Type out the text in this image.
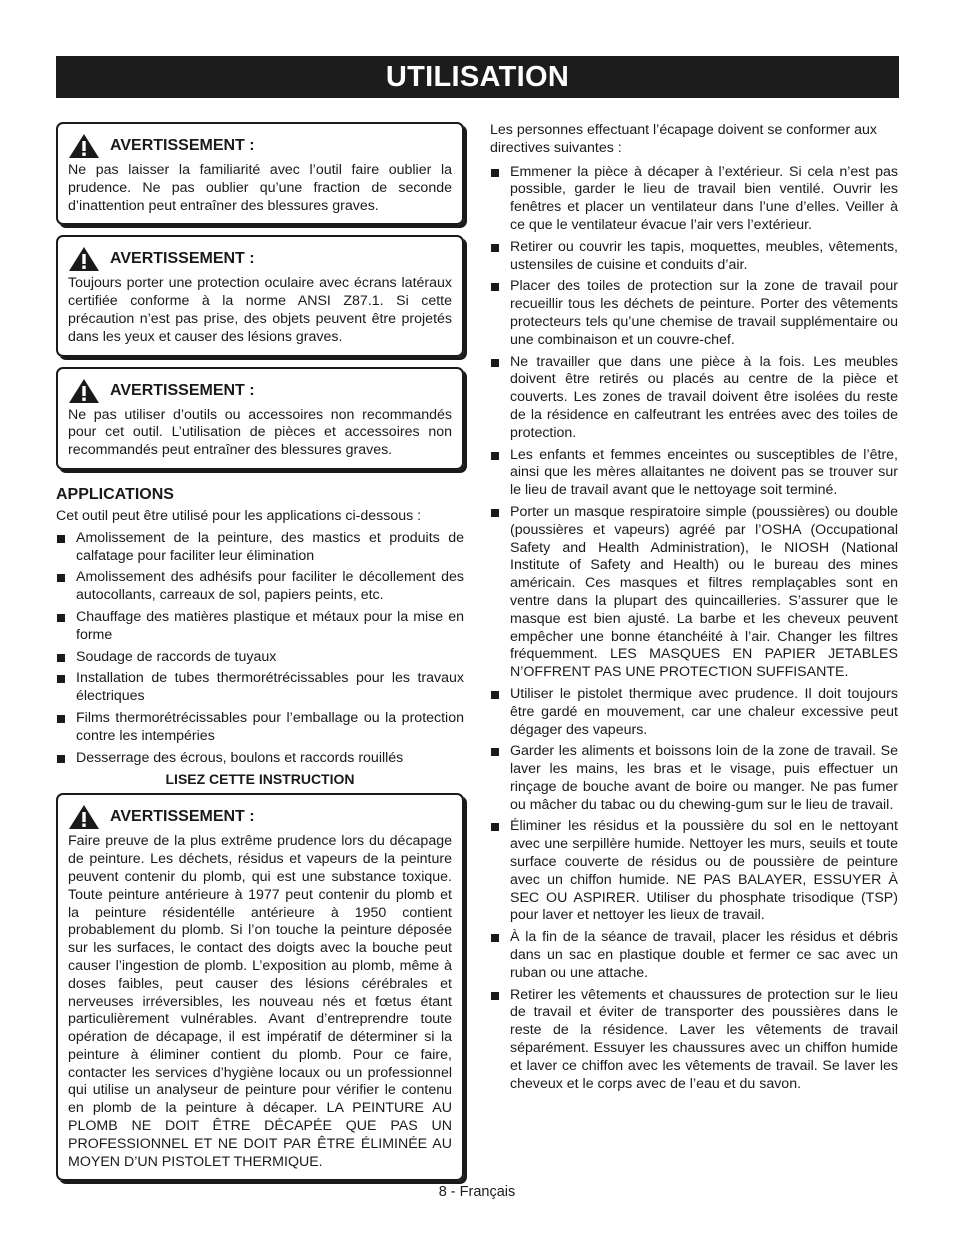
UTILISATION
AVERTISSEMENT :
Ne pas laisser la familiarité avec l’outil faire oublier la prudence. Ne pas oublier qu’une fraction de seconde d’inattention peut entraîner des blessures graves.
AVERTISSEMENT :
Toujours porter une protection oculaire avec écrans latéraux certifiée conforme à la norme ANSI Z87.1. Si cette précaution n’est pas prise, des objets peuvent être projetés dans les yeux et causer des lésions graves.
AVERTISSEMENT :
Ne pas utiliser d’outils ou accessoires non recommandés pour cet outil. L’utilisation de pièces et accessoires non recommandés peut entraîner des blessures graves.
APPLICATIONS

Cet outil peut être utilisé pour les applications ci-dessous :

Amolissement de la peinture, des mastics et produits de calfatage pour faciliter leur élimination
Amolissement des adhésifs pour faciliter le décollement des autocollants, carreaux de sol, papiers peints, etc.
Chauffage des matières plastique et métaux pour la mise en forme
Soudage de raccords de tuyaux
Installation de tubes thermorétrécissables pour les travaux électriques
Films thermorétrécissables pour l’emballage ou la protection contre les intempéries
Desserrage des écrous, boulons et raccords rouillés
LISEZ CETTE INSTRUCTION
AVERTISSEMENT :
Faire preuve de la plus extrême prudence lors du décapage de peinture. Les déchets, résidus et vapeurs de la peinture peuvent contenir du plomb, qui est une substance toxique. Toute peinture antérieure à 1977 peut contenir du plomb et la peinture résidentélle antérieure à 1950 contient probablement du plomb. Si l’on touche la peinture déposée sur les surfaces, le contact des doigts avec la bouche peut causer l’ingestion de plomb. L’exposition au plomb, même à doses faibles, peut causer des lésions cérébrales et nerveuses irréversibles, les nouveau nés et fœtus étant particulièrement vulnérables. Avant d’entreprendre toute opération de décapage, il est impératif de déterminer si la peinture à éliminer contient du plomb. Pour ce faire, contacter les services d’hygiène locaux ou un professionnel qui utilise un analyseur de peinture pour vérifier le contenu en plomb de la peinture à décaper. LA PEINTURE AU PLOMB NE DOIT ÊTRE DÉCAPÉE QUE PAS UN PROFESSIONNEL ET NE DOIT PAR ÊTRE ÉLIMINÉE AU MOYEN D’UN PISTOLET THERMIQUE.

Les personnes effectuant l’écapage doivent se conformer aux directives suivantes :

Emmener la pièce à décaper à l’extérieur. Si cela n’est pas possible, garder le lieu de travail bien ventilé. Ouvrir les fenêtres et placer un ventilateur dans l’une d’elles. Veiller à ce que le ventilateur évacue l’air vers l’extérieur.
Retirer ou couvrir les tapis, moquettes, meubles, vêtements, ustensiles de cuisine et conduits d’air.
Placer des toiles de protection sur la zone de travail pour recueillir tous les déchets de peinture. Porter des vêtements protecteurs tels qu’une chemise de travail supplémentaire ou une combinaison et un couvre-chef.
Ne travailler que dans une pièce à la fois. Les meubles doivent être retirés ou placés au centre de la pièce et couverts. Les zones de travail doivent être isolées du reste de la résidence en calfeutrant les entrées avec des toiles de protection.
Les enfants et femmes enceintes ou susceptibles de l’être, ainsi que les mères allaitantes ne doivent pas se trouver sur le lieu de travail avant que le nettoyage soit terminé.
Porter un masque respiratoire simple (poussières) ou double (poussières et vapeurs) agréé par l’OSHA (Occupational Safety and Health Administration), le NIOSH (National Institute of Safety and Health) ou le bureau des mines américain. Ces masques et filtres remplaçables sont en ventre dans la plupart des quincailleries. S’assurer que le masque est bien ajusté. La barbe et les cheveux peuvent empêcher une bonne étanchéité à l’air. Changer les filtres fréquemment. LES MASQUES EN PAPIER JETABLES N’OFFRENT PAS UNE PROTECTION SUFFISANTE.
Utiliser le pistolet thermique avec prudence. Il doit toujours être gardé en mouvement, car une chaleur excessive peut dégager des vapeurs.
Garder les aliments et boissons loin de la zone de travail. Se laver les mains, les bras et le visage, puis effectuer un rinçage de bouche avant de boire ou manger. Ne pas fumer ou mâcher du tabac ou du chewing-gum sur le lieu de travail.
Éliminer les résidus et la poussière du sol en le nettoyant avec une serpillère humide. Nettoyer les murs, seuils et toute surface couverte de résidus ou de poussière de peinture avec un chiffon humide. NE PAS BALAYER, ESSUYER À SEC OU ASPIRER. Utiliser du phosphate trisodique (TSP) pour laver et nettoyer les lieux de travail.
À la fin de la séance de travail, placer les résidus et débris dans un sac en plastique double et fermer ce sac avec un ruban ou une attache.
Retirer les vêtements et chaussures de protection sur le lieu de travail et éviter de transporter des poussières dans le reste de la résidence. Laver les vêtements de travail séparément. Essuyer les chaussures avec un chiffon humide et laver ce chiffon avec les vêtements de travail. Se laver les cheveux et le corps avec de l’eau et du savon.
8 - Français
